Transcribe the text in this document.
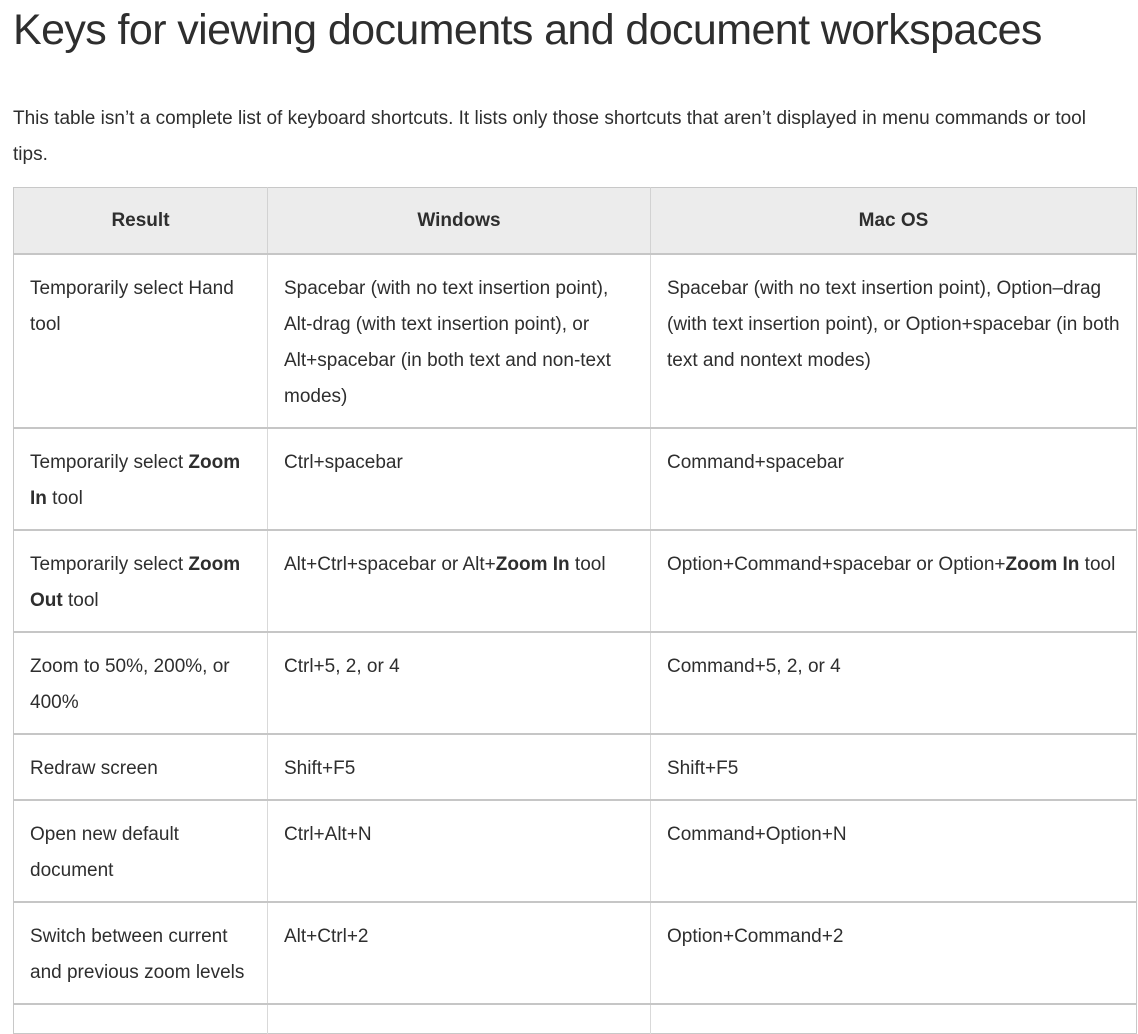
Keys for viewing documents and document workspaces

This table isn’t a complete list of keyboard shortcuts. It lists only those shortcuts that aren’t displayed in menu commands or tool tips.

Result	Windows	Mac OS
Temporarily select Hand tool	Spacebar (with no text insertion point), Alt-drag (with text insertion point), or Alt+spacebar (in both text and non-text modes)	Spacebar (with no text insertion point), Option–drag (with text insertion point), or Option+spacebar (in both text and nontext modes)
Temporarily select Zoom In tool	Ctrl+spacebar	Command+spacebar
Temporarily select Zoom Out tool	Alt+Ctrl+spacebar or Alt+Zoom In tool	Option+Command+spacebar or Option+Zoom In tool
Zoom to 50%, 200%, or 400%	Ctrl+5, 2, or 4	Command+5, 2, or 4
Redraw screen	Shift+F5	Shift+F5
Open new default document	Ctrl+Alt+N	Command+Option+N
Switch between current and previous zoom levels	Alt+Ctrl+2	Option+Command+2
